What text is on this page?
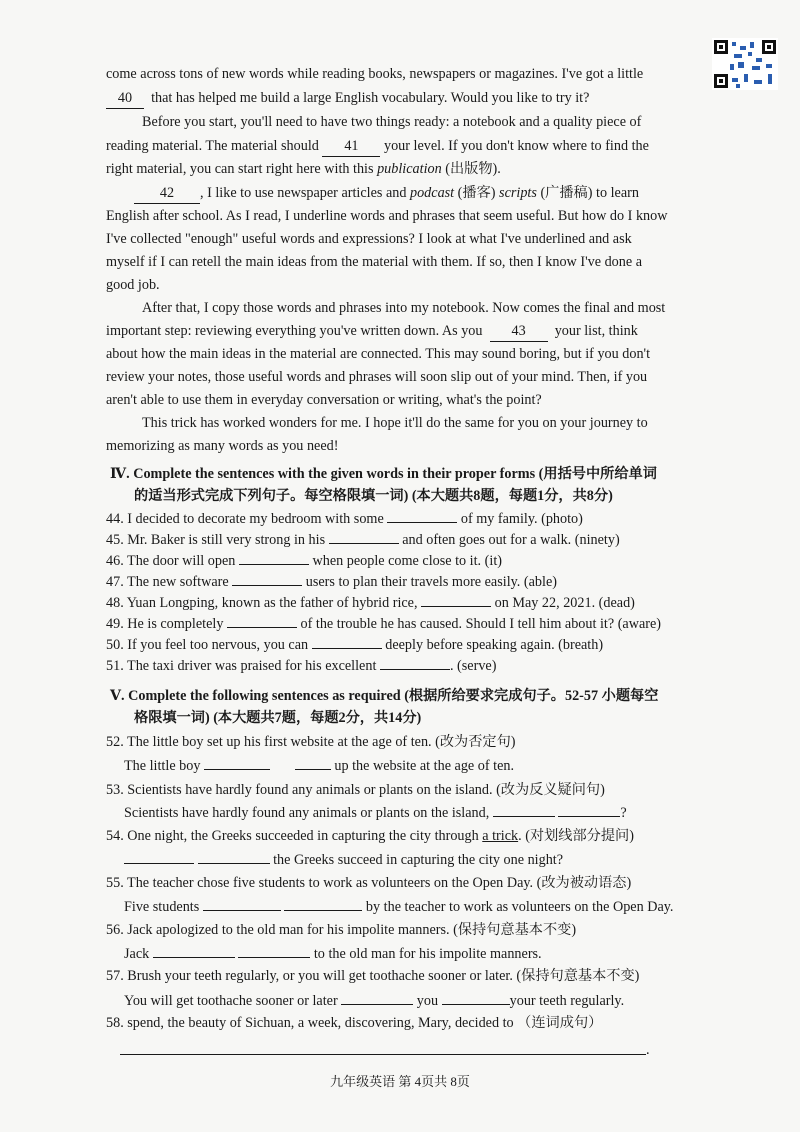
come across tons of new words while reading books, newspapers or magazines. I've got a little
40 that has helped me build a large English vocabulary. Would you like to try it?
Before you start, you'll need to have two things ready: a notebook and a quality piece of
reading material. The material should 41 your level. If you don't know where to find the
right material, you can start right here with this publication (出版物).
42 , I like to use newspaper articles and podcast (播客) scripts (广播稿) to learn
English after school. As I read, I underline words and phrases that seem useful. But how do I know
I've collected "enough" useful words and expressions? I look at what I've underlined and ask
myself if I can retell the main ideas from the material with them. If so, then I know I've done a
good job.
After that, I copy those words and phrases into my notebook. Now comes the final and most
important step: reviewing everything you've written down. As you 43 your list, think
about how the main ideas in the material are connected. This may sound boring, but if you don't
review your notes, those useful words and phrases will soon slip out of your mind. Then, if you
aren't able to use them in everyday conversation or writing, what's the point?
This trick has worked wonders for me. I hope it'll do the same for you on your journey to
memorizing as many words as you need!
Ⅳ. Complete the sentences with the given words in their proper forms (用括号中所给单词
的适当形式完成下列句子。每空格限填一词) (本大题共8题，每题1分，共8分)
44. I decided to decorate my bedroom with some	of my family. (photo)
45. Mr. Baker is still very strong in his	and often goes out for a walk. (ninety)
46. The door will open	when people come close to it. (it)
47. The new software	users to plan their travels more easily. (able)
48. Yuan Longping, known as the father of hybrid rice,	on May 22, 2021. (dead)
49. He is completely	of the trouble he has caused. Should I tell him about it? (aware)
50. If you feel too nervous, you can	deeply before speaking again. (breath)
51. The taxi driver was praised for his excellent	. (serve)
Ⅴ. Complete the following sentences as required (根据所给要求完成句子。52-57 小题每空
格限填一词) (本大题共7题，每题2分，共14分)
52. The little boy set up his first website at the age of ten. (改为否定句)
The little boy	up the website at the age of ten.
53. Scientists have hardly found any animals or plants on the island. (改为反义疑问句)
Scientists have hardly found any animals or plants on the island,	?
54. One night, the Greeks succeeded in capturing the city through a trick. (对划线部分提问)
the Greeks succeed in capturing the city one night?
55. The teacher chose five students to work as volunteers on the Open Day. (改为被动语态)
Five students	by the teacher to work as volunteers on the Open Day.
56. Jack apologized to the old man for his impolite manners. (保持句意基本不变)
Jack	to the old man for his impolite manners.
57. Brush your teeth regularly, or you will get toothache sooner or later. (保持句意基本不变)
You will get toothache sooner or later	you	your teeth regularly.
58. spend, the beauty of Sichuan, a week, discovering, Mary, decided to （连词成句）
.
九年级英语 第 4页共 8页
